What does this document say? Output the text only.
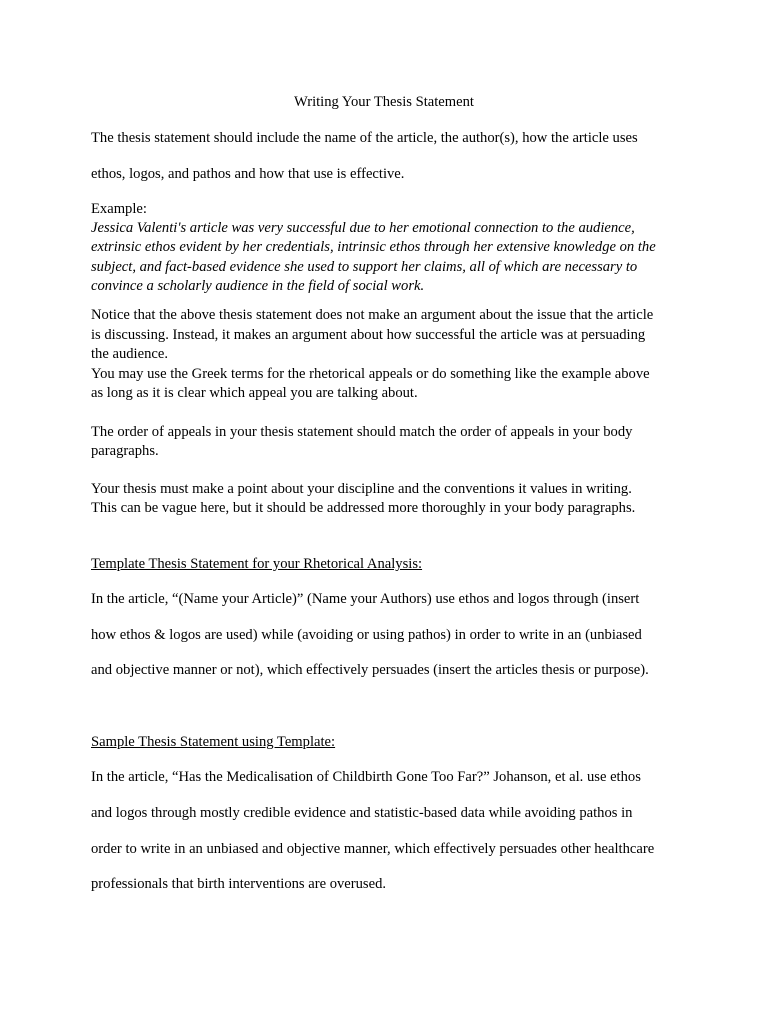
Writing Your Thesis Statement

The thesis statement should include the name of the article, the author(s), how the article uses

ethos, logos, and pathos and how that use is effective.

Example:

Jessica Valenti's article was very successful due to her emotional connection to the audience,

extrinsic ethos evident by her credentials, intrinsic ethos through her extensive knowledge on the

subject, and fact-based evidence she used to support her claims, all of which are necessary to

convince a scholarly audience in the field of social work.

Notice that the above thesis statement does not make an argument about the issue that the article

is discussing. Instead, it makes an argument about how successful the article was at persuading

the audience.

You may use the Greek terms for the rhetorical appeals or do something like the example above

as long as it is clear which appeal you are talking about.

The order of appeals in your thesis statement should match the order of appeals in your body

paragraphs.

Your thesis must make a point about your discipline and the conventions it values in writing.

This can be vague here, but it should be addressed more thoroughly in your body paragraphs.

Template Thesis Statement for your Rhetorical Analysis:

In the article, “(Name your Article)” (Name your Authors) use ethos and logos through (insert

how ethos & logos are used) while (avoiding or using pathos) in order to write in an (unbiased

and objective manner or not), which effectively persuades (insert the articles thesis or purpose).

Sample Thesis Statement using Template:

In the article, “Has the Medicalisation of Childbirth Gone Too Far?” Johanson, et al. use ethos

and logos through mostly credible evidence and statistic-based data while avoiding pathos in

order to write in an unbiased and objective manner, which effectively persuades other healthcare

professionals that birth interventions are overused.
